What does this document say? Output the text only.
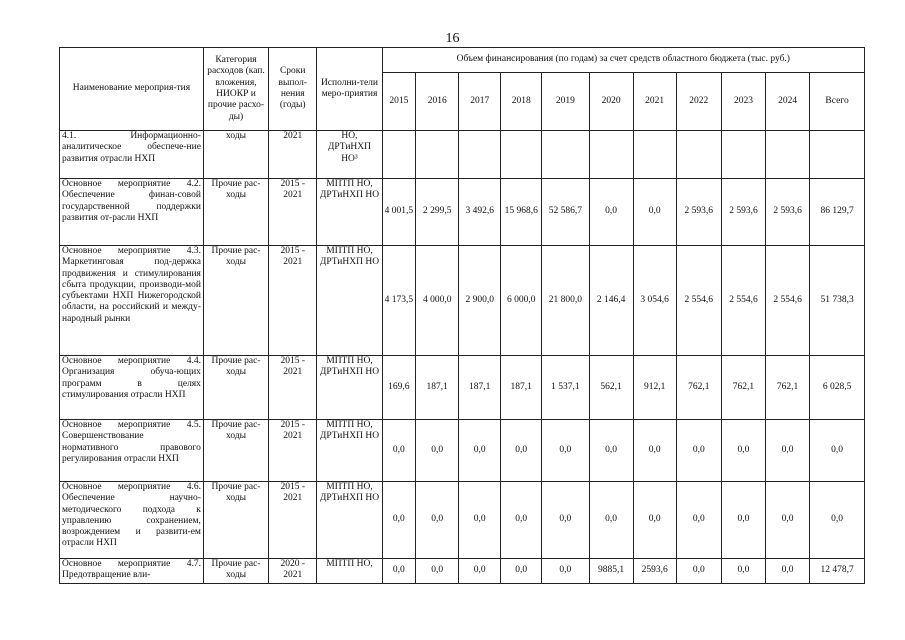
16
Наименование мероприя-тия	Категория расходов (кап. вложения, НИОКР и прочие расхо-ды)	Сроки выпол-нения (годы)	Исполни-тели меро-приятия	Объем финансирования (по годам) за счет средств областного бюджета (тыс. руб.)										
				2015	2016	2017	2018	2019	2020	2021	2022	2023	2024	Всего
4.1. Информационно-аналитическое обеспече-ние развития отрасли НХП	ходы	2021	НО, ДРТиНХП НО³											
Основное мероприятие 4.2. Обеспечение финан-совой государственной поддержки развития от-расли НХП	Прочие рас-ходы	2015 - 2021	МПТП НО, ДРТиНХП НО	4 001,5	2 299,5	3 492,6	15 968,6	52 586,7	0,0	0,0	2 593,6	2 593,6	2 593,6	86 129,7
Основное мероприятие 4.3. Маркетинговая под-держка продвижения и стимулирования сбыта продукции, производи-мой субъектами НХП Нижегородской области, на российский и между-народный рынки	Прочие рас-ходы	2015 - 2021	МПТП НО, ДРТиНХП НО	4 173,5	4 000,0	2 900,0	6 000,0	21 800,0	2 146,4	3 054,6	2 554,6	2 554,6	2 554,6	51 738,3
Основное мероприятие 4.4. Организация обуча-ющих программ в целях стимулирования отрасли НХП	Прочие рас-ходы	2015 - 2021	МПТП НО, ДРТиНХП НО	169,6	187,1	187,1	187,1	1 537,1	562,1	912,1	762,1	762,1	762,1	6 028,5
Основное мероприятие 4.5. Совершенствование нормативного правового регулирования отрасли НХП	Прочие рас-ходы	2015 - 2021	МПТП НО, ДРТиНХП НО	0,0	0,0	0,0	0,0	0,0	0,0	0,0	0,0	0,0	0,0	0,0
Основное мероприятие 4.6. Обеспечение научно-методического подхода к управлению сохранением, возрождением и развити-ем отрасли НХП	Прочие рас-ходы	2015 - 2021	МПТП НО, ДРТиНХП НО	0,0	0,0	0,0	0,0	0,0	0,0	0,0	0,0	0,0	0,0	0,0
Основное мероприятие 4.7. Предотвращение вли-	Прочие рас-ходы	2020 - 2021	МПТП НО,	0,0	0,0	0,0	0,0	0,0	9885,1	2593,6	0,0	0,0	0,0	12 478,7
